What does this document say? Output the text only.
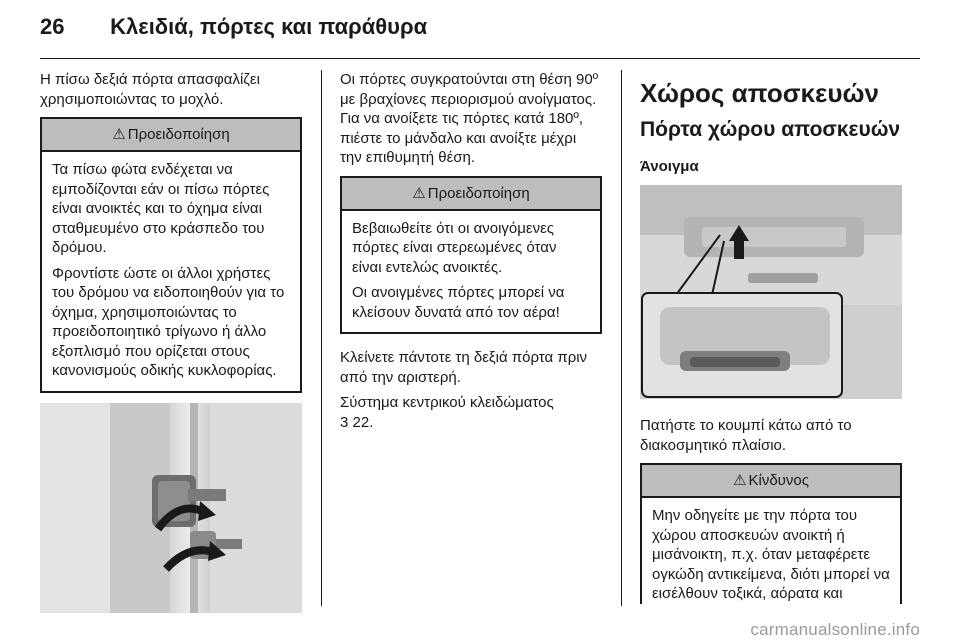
26 Κλειδιά, πόρτες και παράθυρα

Η πίσω δεξιά πόρτα απασφαλίζει χρησιμοποιώντας το μοχλό.

⚠ Προειδοποίηση

Τα πίσω φώτα ενδέχεται να εμποδίζονται εάν οι πίσω πόρτες είναι ανοικτές και το όχημα είναι σταθμευμένο στο κράσπεδο του δρόμου.

Φροντίστε ώστε οι άλλοι χρήστες του δρόμου να ειδοποιηθούν για το όχημα, χρησιμοποιώντας το προειδοποιητικό τρίγωνο ή άλλο εξοπλισμό που ορίζεται στους κανονισμούς οδικής κυκλοφορίας.

Οι πόρτες συγκρατούνται στη θέση 90º με βραχίονες περιορισμού ανοίγματος. Για να ανοίξετε τις πόρτες κατά 180º, πιέστε το μάνδαλο και ανοίξτε μέχρι την επιθυμητή θέση.

⚠ Προειδοποίηση

Βεβαιωθείτε ότι οι ανοιγόμενες πόρτες είναι στερεωμένες όταν είναι εντελώς ανοικτές.

Οι ανοιγμένες πόρτες μπορεί να κλείσουν δυνατά από τον αέρα!

Κλείνετε πάντοτε τη δεξιά πόρτα πριν από την αριστερή.

Σύστημα κεντρικού κλειδώματος

3 22.

Χώρος αποσκευών
Πόρτα χώρου αποσκευών
Άνοιγμα

Πατήστε το κουμπί κάτω από το διακοσμητικό πλαίσιο.

⚠ Κίνδυνος

Μην οδηγείτε με την πόρτα του χώρου αποσκευών ανοικτή ή μισάνοικτη, π.χ. όταν μεταφέρετε ογκώδη αντικείμενα, διότι μπορεί να εισέλθουν τοξικά, αόρατα και

carmanualsonline.info
